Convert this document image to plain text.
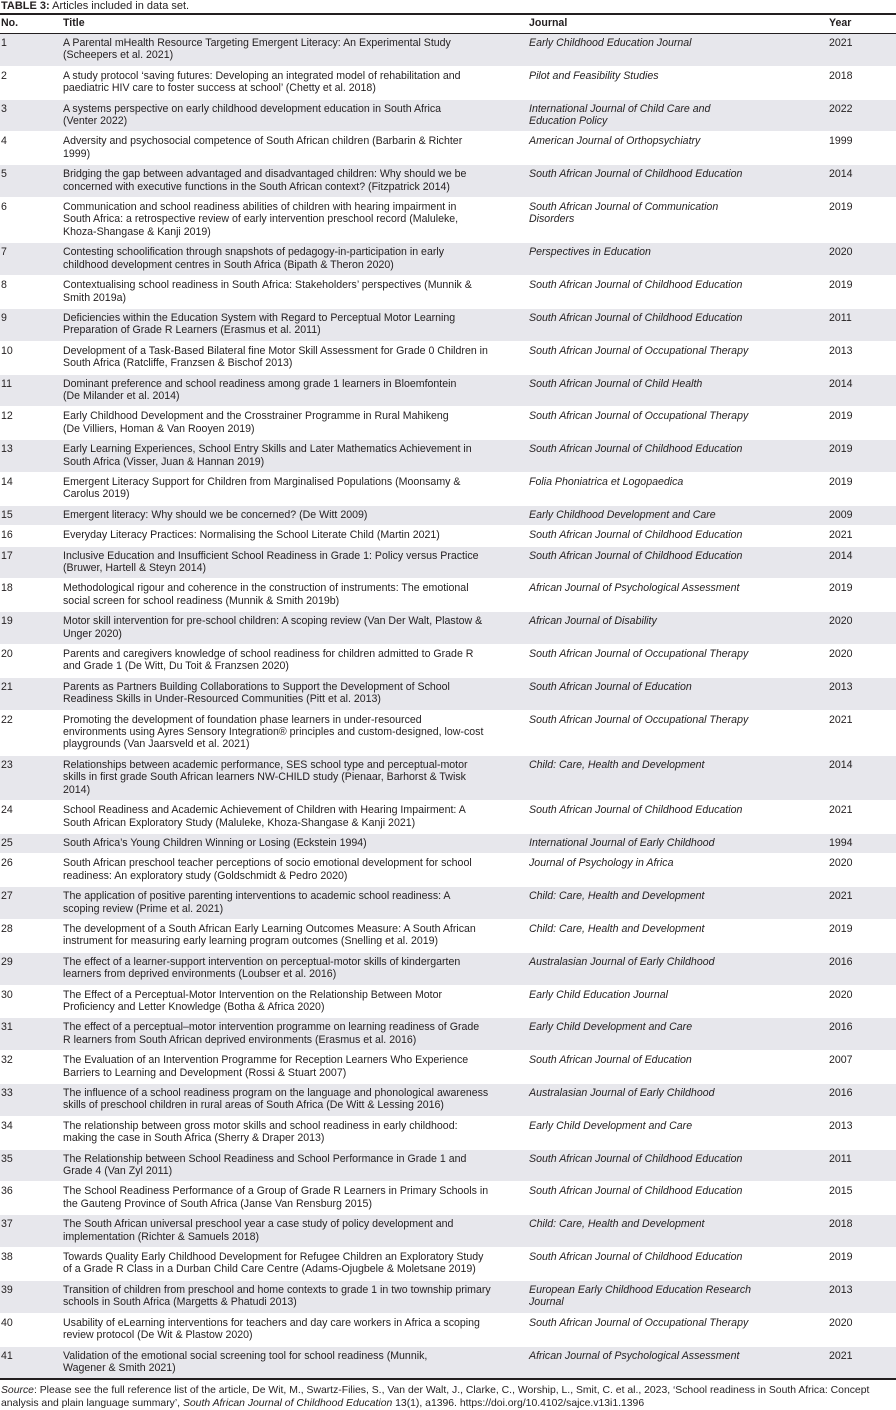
TABLE 3: Articles included in data set.
No.	Title	Journal	Year
1	A Parental mHealth Resource Targeting Emergent Literacy: An Experimental Study
(Scheepers et al. 2021)	Early Childhood Education Journal	2021
2	A study protocol ‘saving futures: Developing an integrated model of rehabilitation and
paediatric HIV care to foster success at school’ (Chetty et al. 2018)	Pilot and Feasibility Studies	2018
3	A systems perspective on early childhood development education in South Africa
(Venter 2022)	International Journal of Child Care and
Education Policy	2022
4	Adversity and psychosocial competence of South African children (Barbarin & Richter
1999)	American Journal of Orthopsychiatry	1999
5	Bridging the gap between advantaged and disadvantaged children: Why should we be
concerned with executive functions in the South African context? (Fitzpatrick 2014)	South African Journal of Childhood Education	2014
6	Communication and school readiness abilities of children with hearing impairment in
South Africa: a retrospective review of early intervention preschool record (Maluleke,
Khoza-Shangase & Kanji 2019)	South African Journal of Communication
Disorders	2019
7	Contesting schoolification through snapshots of pedagogy-in-participation in early
childhood development centres in South Africa (Bipath & Theron 2020)	Perspectives in Education	2020
8	Contextualising school readiness in South Africa: Stakeholders’ perspectives (Munnik &
Smith 2019a)	South African Journal of Childhood Education	2019
9	Deficiencies within the Education System with Regard to Perceptual Motor Learning
Preparation of Grade R Learners (Erasmus et al. 2011)	South African Journal of Childhood Education	2011
10	Development of a Task-Based Bilateral fine Motor Skill Assessment for Grade 0 Children in
South Africa (Ratcliffe, Franzsen & Bischof 2013)	South African Journal of Occupational Therapy	2013
11	Dominant preference and school readiness among grade 1 learners in Bloemfontein
(De Milander et al. 2014)	South African Journal of Child Health	2014
12	Early Childhood Development and the Crosstrainer Programme in Rural Mahikeng
(De Villiers, Homan & Van Rooyen 2019)	South African Journal of Occupational Therapy	2019
13	Early Learning Experiences, School Entry Skills and Later Mathematics Achievement in
South Africa (Visser, Juan & Hannan 2019)	South African Journal of Childhood Education	2019
14	Emergent Literacy Support for Children from Marginalised Populations (Moonsamy &
Carolus 2019)	Folia Phoniatrica et Logopaedica	2019
15	Emergent literacy: Why should we be concerned? (De Witt 2009)	Early Childhood Development and Care	2009
16	Everyday Literacy Practices: Normalising the School Literate Child (Martin 2021)	South African Journal of Childhood Education	2021
17	Inclusive Education and Insufficient School Readiness in Grade 1: Policy versus Practice
(Bruwer, Hartell & Steyn 2014)	South African Journal of Childhood Education	2014
18	Methodological rigour and coherence in the construction of instruments: The emotional
social screen for school readiness (Munnik & Smith 2019b)	African Journal of Psychological Assessment	2019
19	Motor skill intervention for pre-school children: A scoping review (Van Der Walt, Plastow &
Unger 2020)	African Journal of Disability	2020
20	Parents and caregivers knowledge of school readiness for children admitted to Grade R
and Grade 1 (De Witt, Du Toit & Franzsen 2020)	South African Journal of Occupational Therapy	2020
21	Parents as Partners Building Collaborations to Support the Development of School
Readiness Skills in Under-Resourced Communities (Pitt et al. 2013)	South African Journal of Education	2013
22	Promoting the development of foundation phase learners in under-resourced
environments using Ayres Sensory Integration® principles and custom-designed, low-cost
playgrounds (Van Jaarsveld et al. 2021)	South African Journal of Occupational Therapy	2021
23	Relationships between academic performance, SES school type and perceptual-motor
skills in first grade South African learners NW-CHILD study (Pienaar, Barhorst & Twisk
2014)	Child: Care, Health and Development	2014
24	School Readiness and Academic Achievement of Children with Hearing Impairment: A
South African Exploratory Study (Maluleke, Khoza-Shangase & Kanji 2021)	South African Journal of Childhood Education	2021
25	South Africa’s Young Children Winning or Losing (Eckstein 1994)	International Journal of Early Childhood	1994
26	South African preschool teacher perceptions of socio emotional development for school
readiness: An exploratory study (Goldschmidt & Pedro 2020)	Journal of Psychology in Africa	2020
27	The application of positive parenting interventions to academic school readiness: A
scoping review (Prime et al. 2021)	Child: Care, Health and Development	2021
28	The development of a South African Early Learning Outcomes Measure: A South African
instrument for measuring early learning program outcomes (Snelling et al. 2019)	Child: Care, Health and Development	2019
29	The effect of a learner-support intervention on perceptual-motor skills of kindergarten
learners from deprived environments (Loubser et al. 2016)	Australasian Journal of Early Childhood	2016
30	The Effect of a Perceptual-Motor Intervention on the Relationship Between Motor
Proficiency and Letter Knowledge (Botha & Africa 2020)	Early Child Education Journal	2020
31	The effect of a perceptual–motor intervention programme on learning readiness of Grade
R learners from South African deprived environments (Erasmus et al. 2016)	Early Child Development and Care	2016
32	The Evaluation of an Intervention Programme for Reception Learners Who Experience
Barriers to Learning and Development (Rossi & Stuart 2007)	South African Journal of Education	2007
33	The influence of a school readiness program on the language and phonological awareness
skills of preschool children in rural areas of South Africa (De Witt & Lessing 2016)	Australasian Journal of Early Childhood	2016
34	The relationship between gross motor skills and school readiness in early childhood:
making the case in South Africa (Sherry & Draper 2013)	Early Child Development and Care	2013
35	The Relationship between School Readiness and School Performance in Grade 1 and
Grade 4 (Van Zyl 2011)	South African Journal of Childhood Education	2011
36	The School Readiness Performance of a Group of Grade R Learners in Primary Schools in
the Gauteng Province of South Africa (Janse Van Rensburg 2015)	South African Journal of Childhood Education	2015
37	The South African universal preschool year a case study of policy development and
implementation (Richter & Samuels 2018)	Child: Care, Health and Development	2018
38	Towards Quality Early Childhood Development for Refugee Children an Exploratory Study
of a Grade R Class in a Durban Child Care Centre (Adams-Ojugbele & Moletsane 2019)	South African Journal of Childhood Education	2019
39	Transition of children from preschool and home contexts to grade 1 in two township primary
schools in South Africa (Margetts & Phatudi 2013)	European Early Childhood Education Research
Journal	2013
40	Usability of eLearning interventions for teachers and day care workers in Africa a scoping
review protocol (De Wit & Plastow 2020)	South African Journal of Occupational Therapy	2020
41	Validation of the emotional social screening tool for school readiness (Munnik,
Wagener & Smith 2021)	African Journal of Psychological Assessment	2021
Source: Please see the full reference list of the article, De Wit, M., Swartz-Filies, S., Van der Walt, J., Clarke, C., Worship, L., Smit, C. et al., 2023, ‘School readiness in South Africa: Concept analysis and plain language summary’, South African Journal of Childhood Education 13(1), a1396. https://doi.org/10.4102/sajce.v13i1.1396
